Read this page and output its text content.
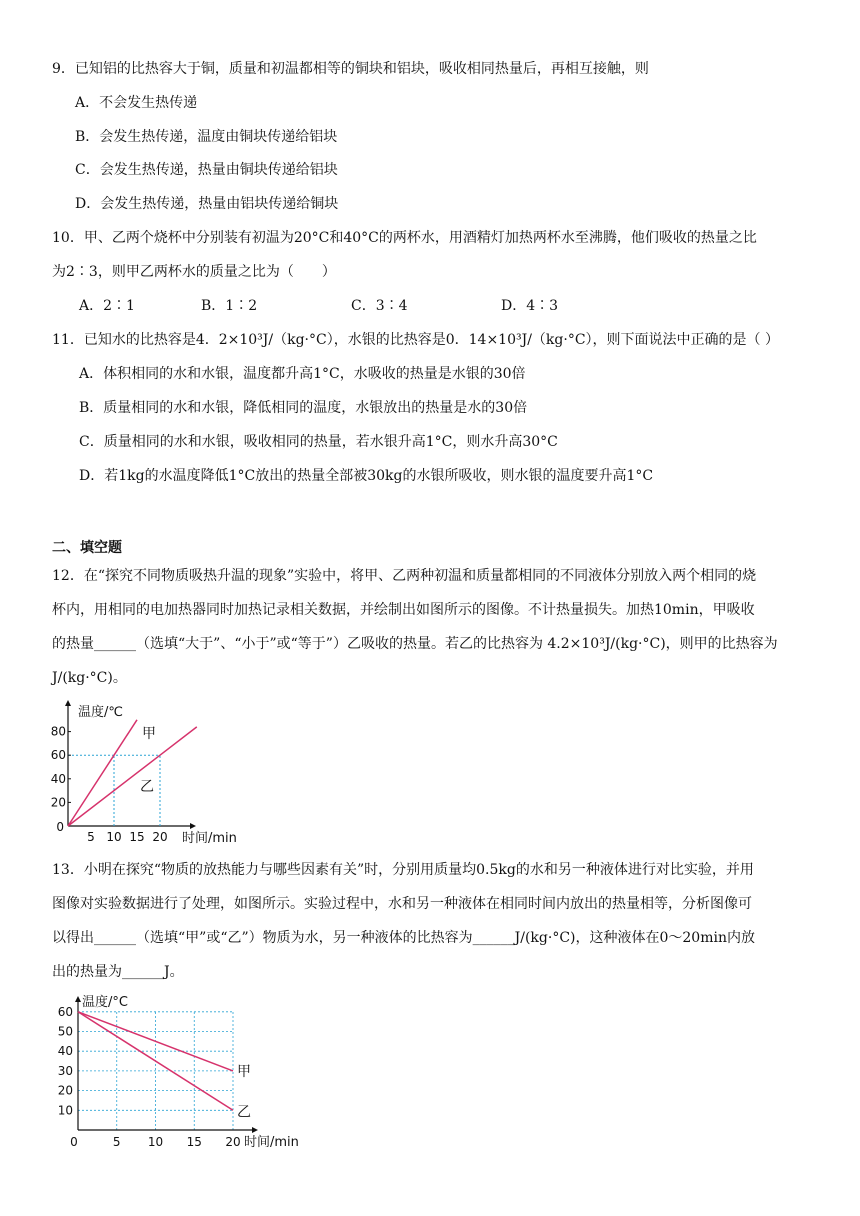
9．已知铝的比热容大于铜，质量和初温都相等的铜块和铝块，吸收相同热量后，再相互接触，则
A．不会发生热传递
B．会发生热传递，温度由铜块传递给铝块
C．会发生热传递，热量由铜块传递给铝块
D．会发生热传递，热量由铝块传递给铜块
10．甲、乙两个烧杯中分别装有初温为20°C和40°C的两杯水，用酒精灯加热两杯水至沸腾，他们吸收的热量之比
为2∶3，则甲乙两杯水的质量之比为（　　）
A．2∶1	B．1∶2	C．3∶4	D．4∶3
11．已知水的比热容是4．2×10³J/（kg·°C），水银的比热容是0．14×10³J/（kg·°C），则下面说法中正确的是（ ）
A．体积相同的水和水银，温度都升高1°C，水吸收的热量是水银的30倍
B．质量相同的水和水银，降低相同的温度，水银放出的热量是水的30倍
C．质量相同的水和水银，吸收相同的热量，若水银升高1°C，则水升高30°C
D．若1kg的水温度降低1°C放出的热量全部被30kg的水银所吸收，则水银的温度要升高1°C
二、填空题
12．在“探究不同物质吸热升温的现象”实验中，将甲、乙两种初温和质量都相同的不同液体分别放入两个相同的烧
杯内，用相同的电加热器同时加热记录相关数据，并绘制出如图所示的图像。不计热量损失。加热10min，甲吸收
的热量______（选填“大于”、“小于”或“等于”）乙吸收的热量。若乙的比热容为 4.2×10³J/(kg·°C)，则甲的比热容为
J/(kg·°C)。
甲
乙
20
40
60
80
0
5 10 15 20
温度/℃
时间/min
13．小明在探究“物质的放热能力与哪些因素有关”时，分别用质量均0.5kg的水和另一种液体进行对比实验，并用
图像对实验数据进行了处理，如图所示。实验过程中，水和另一种液体在相同时间内放出的热量相等，分析图像可
以得出______（选填“甲”或“乙”）物质为水，另一种液体的比热容为______J/(kg·°C)，这种液体在0～20min内放
出的热量为______J。
甲
乙
10
20
30
40
50
60
0	5 10 15 20
温度/°C
时间/min
